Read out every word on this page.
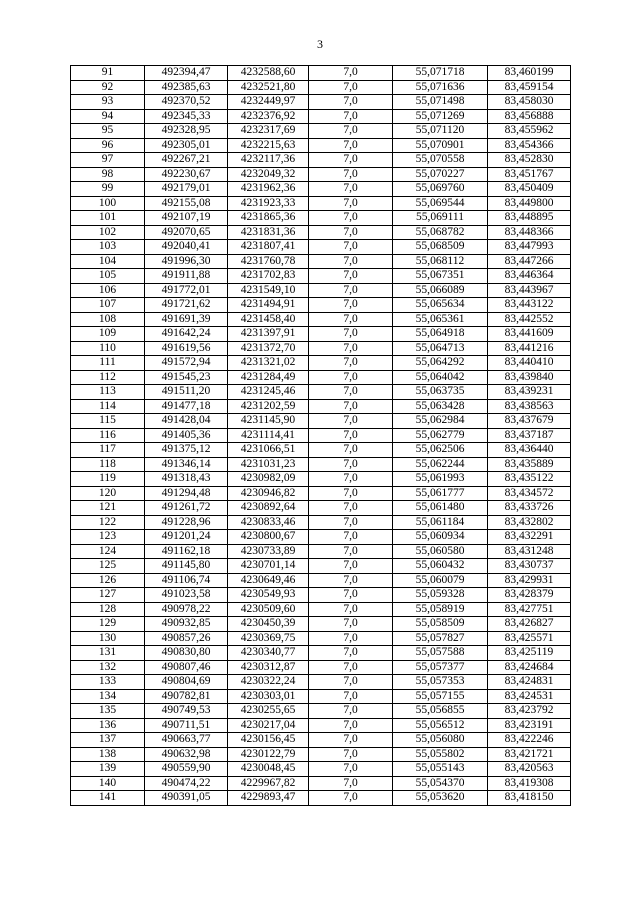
3
91	492394,47	4232588,60	7,0	55,071718	83,460199
92	492385,63	4232521,80	7,0	55,071636	83,459154
93	492370,52	4232449,97	7,0	55,071498	83,458030
94	492345,33	4232376,92	7,0	55,071269	83,456888
95	492328,95	4232317,69	7,0	55,071120	83,455962
96	492305,01	4232215,63	7,0	55,070901	83,454366
97	492267,21	4232117,36	7,0	55,070558	83,452830
98	492230,67	4232049,32	7,0	55,070227	83,451767
99	492179,01	4231962,36	7,0	55,069760	83,450409
100	492155,08	4231923,33	7,0	55,069544	83,449800
101	492107,19	4231865,36	7,0	55,069111	83,448895
102	492070,65	4231831,36	7,0	55,068782	83,448366
103	492040,41	4231807,41	7,0	55,068509	83,447993
104	491996,30	4231760,78	7,0	55,068112	83,447266
105	491911,88	4231702,83	7,0	55,067351	83,446364
106	491772,01	4231549,10	7,0	55,066089	83,443967
107	491721,62	4231494,91	7,0	55,065634	83,443122
108	491691,39	4231458,40	7,0	55,065361	83,442552
109	491642,24	4231397,91	7,0	55,064918	83,441609
110	491619,56	4231372,70	7,0	55,064713	83,441216
111	491572,94	4231321,02	7,0	55,064292	83,440410
112	491545,23	4231284,49	7,0	55,064042	83,439840
113	491511,20	4231245,46	7,0	55,063735	83,439231
114	491477,18	4231202,59	7,0	55,063428	83,438563
115	491428,04	4231145,90	7,0	55,062984	83,437679
116	491405,36	4231114,41	7,0	55,062779	83,437187
117	491375,12	4231066,51	7,0	55,062506	83,436440
118	491346,14	4231031,23	7,0	55,062244	83,435889
119	491318,43	4230982,09	7,0	55,061993	83,435122
120	491294,48	4230946,82	7,0	55,061777	83,434572
121	491261,72	4230892,64	7,0	55,061480	83,433726
122	491228,96	4230833,46	7,0	55,061184	83,432802
123	491201,24	4230800,67	7,0	55,060934	83,432291
124	491162,18	4230733,89	7,0	55,060580	83,431248
125	491145,80	4230701,14	7,0	55,060432	83,430737
126	491106,74	4230649,46	7,0	55,060079	83,429931
127	491023,58	4230549,93	7,0	55,059328	83,428379
128	490978,22	4230509,60	7,0	55,058919	83,427751
129	490932,85	4230450,39	7,0	55,058509	83,426827
130	490857,26	4230369,75	7,0	55,057827	83,425571
131	490830,80	4230340,77	7,0	55,057588	83,425119
132	490807,46	4230312,87	7,0	55,057377	83,424684
133	490804,69	4230322,24	7,0	55,057353	83,424831
134	490782,81	4230303,01	7,0	55,057155	83,424531
135	490749,53	4230255,65	7,0	55,056855	83,423792
136	490711,51	4230217,04	7,0	55,056512	83,423191
137	490663,77	4230156,45	7,0	55,056080	83,422246
138	490632,98	4230122,79	7,0	55,055802	83,421721
139	490559,90	4230048,45	7,0	55,055143	83,420563
140	490474,22	4229967,82	7,0	55,054370	83,419308
141	490391,05	4229893,47	7,0	55,053620	83,418150
